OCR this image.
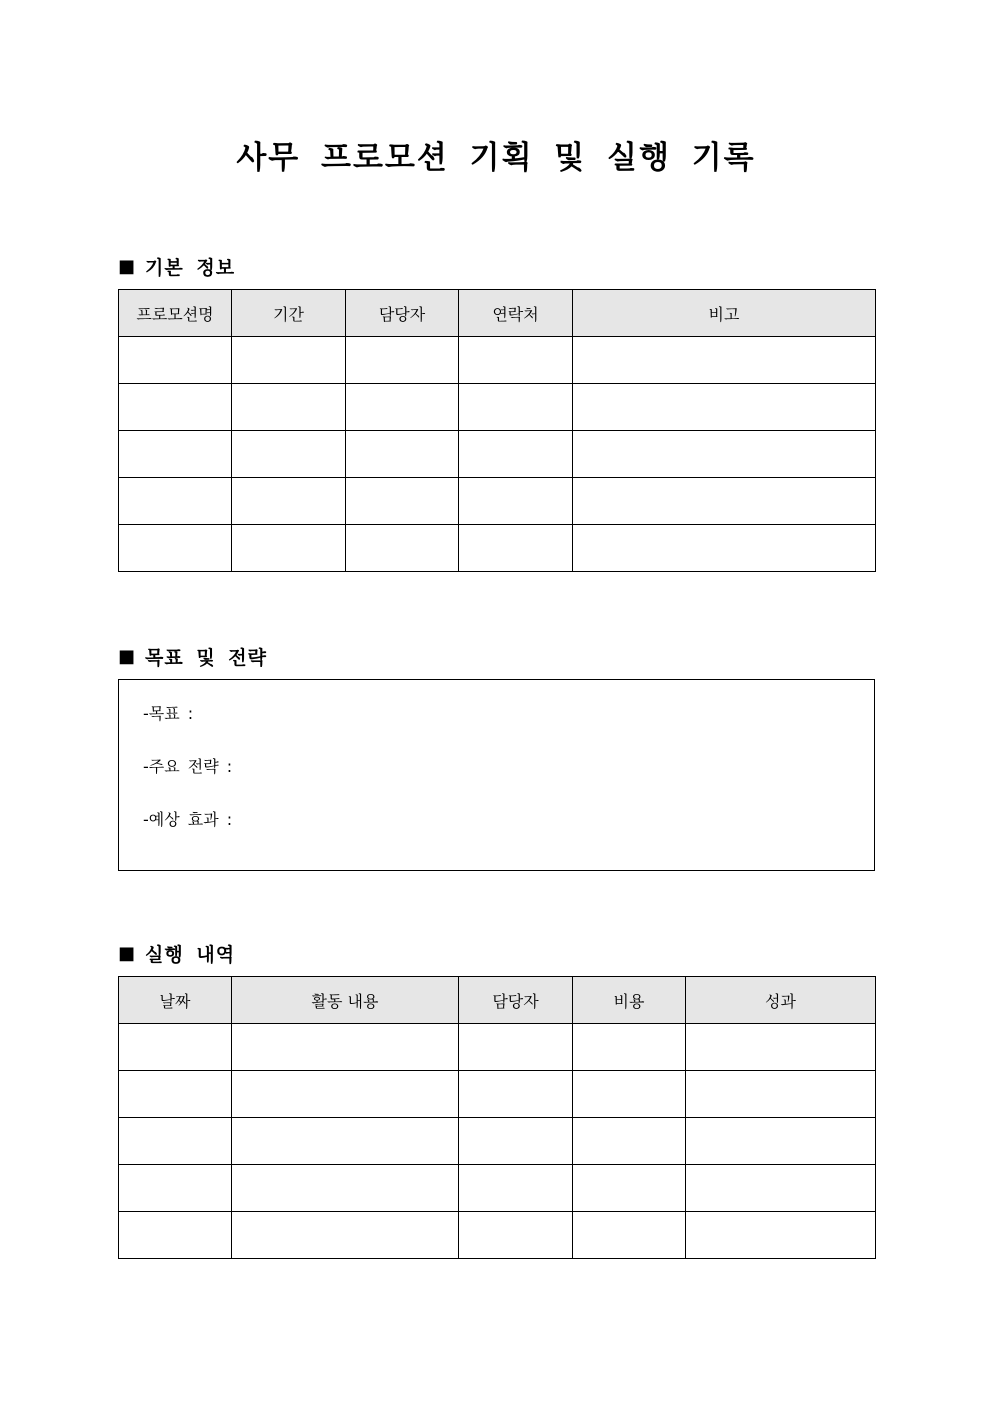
사무 프로모션 기획 및 실행 기록
■ 기본 정보
프로모션명	기간	담당자	연락처	비고

■ 목표 및 전략
-목표 :
-주요 전략 :
-예상 효과 :
■ 실행 내역
날짜	활동 내용	담당자	비용	성과
